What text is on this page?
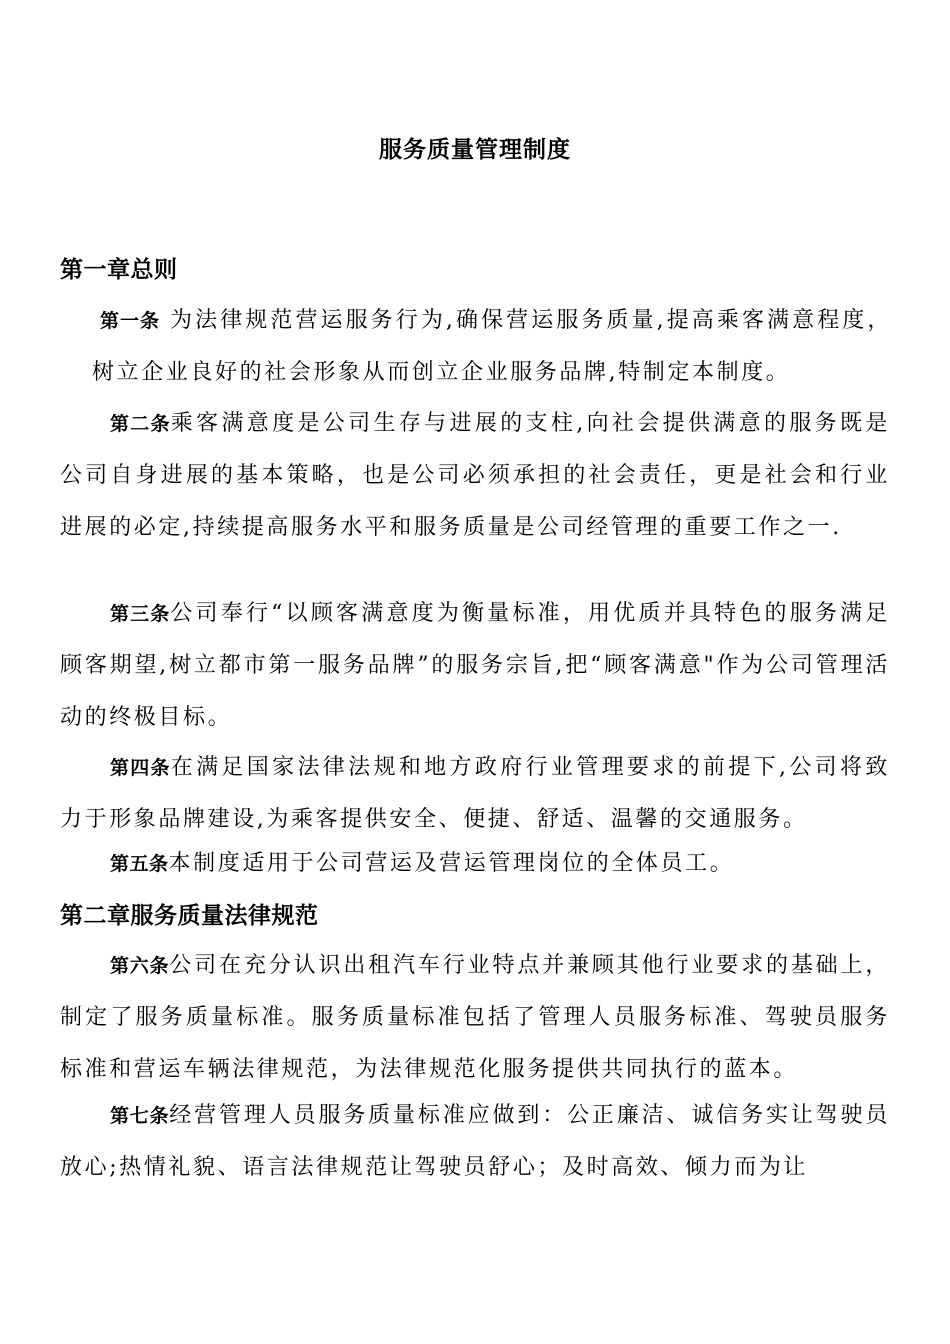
服务质量管理制度
第一章总则

第一条 为法律规范营运服务行为,确保营运服务质量,提高乘客满意程度，树立企业良好的社会形象从而创立企业服务品牌,特制定本制度。

第二条乘客满意度是公司生存与进展的支柱,向社会提供满意的服务既是公司自身进展的基本策略，也是公司必须承担的社会责任，更是社会和行业进展的必定,持续提高服务水平和服务质量是公司经管理的重要工作之一.

第三条公司奉行“以顾客满意度为衡量标准，用优质并具特色的服务满足顾客期望,树立都市第一服务品牌”的服务宗旨,把“顾客满意"作为公司管理活动的终极目标。

第四条在满足国家法律法规和地方政府行业管理要求的前提下,公司将致力于形象品牌建设,为乘客提供安全、便捷、舒适、温馨的交通服务。

第五条本制度适用于公司营运及营运管理岗位的全体员工。

第二章服务质量法律规范

第六条公司在充分认识出租汽车行业特点并兼顾其他行业要求的基础上，制定了服务质量标准。服务质量标准包括了管理人员服务标准、驾驶员服务标准和营运车辆法律规范，为法律规范化服务提供共同执行的蓝本。

第七条经营管理人员服务质量标准应做到：公正廉洁、诚信务实让驾驶员放心;热情礼貌、语言法律规范让驾驶员舒心；及时高效、倾力而为让
